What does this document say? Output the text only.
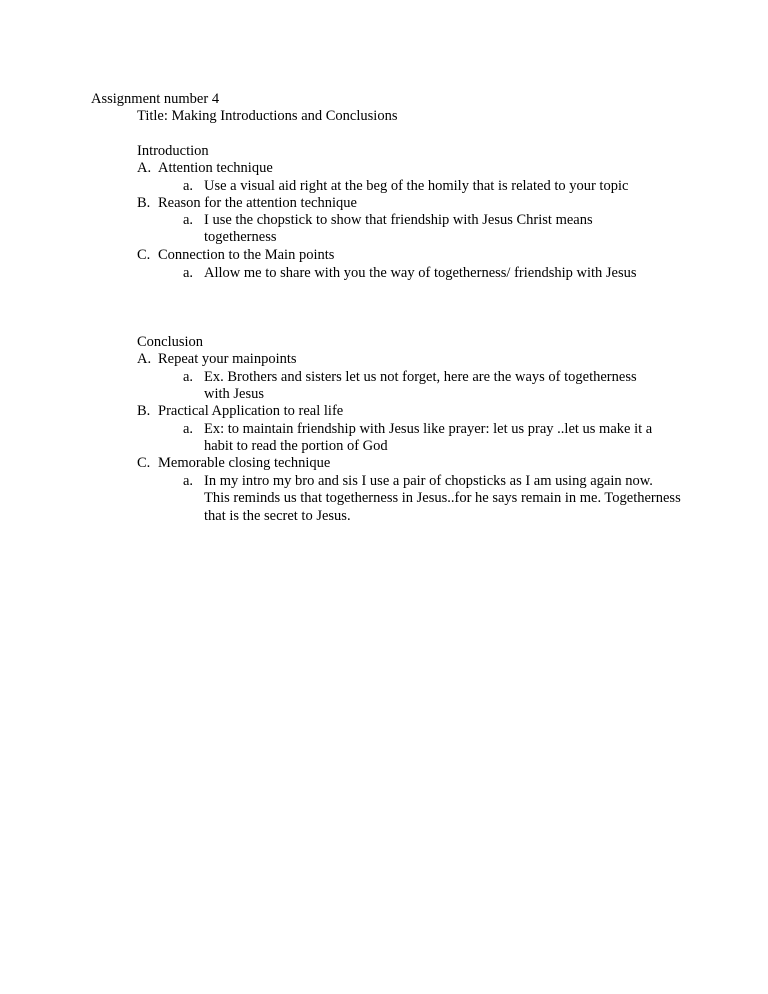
Assignment number 4
Title: Making Introductions and Conclusions
Introduction
A. Attention technique
a. Use a visual aid right at the beg of the homily that is related to your topic
B. Reason for the attention technique
a. I use the chopstick to show that friendship with Jesus Christ means togetherness
C. Connection to the Main points
a. Allow me to share with you the way of togetherness/ friendship with Jesus
Conclusion
A. Repeat your mainpoints
a. Ex. Brothers and sisters let us not forget, here are the ways of togetherness with Jesus
B. Practical Application to real life
a. Ex: to maintain friendship with Jesus like prayer: let us pray ..let us make it a habit to read the portion of God
C. Memorable closing technique
a. In my intro my bro and sis I use a pair of chopsticks as I am using again now. This reminds us that togetherness in Jesus..for he says remain in me. Togetherness that is the secret to Jesus.
